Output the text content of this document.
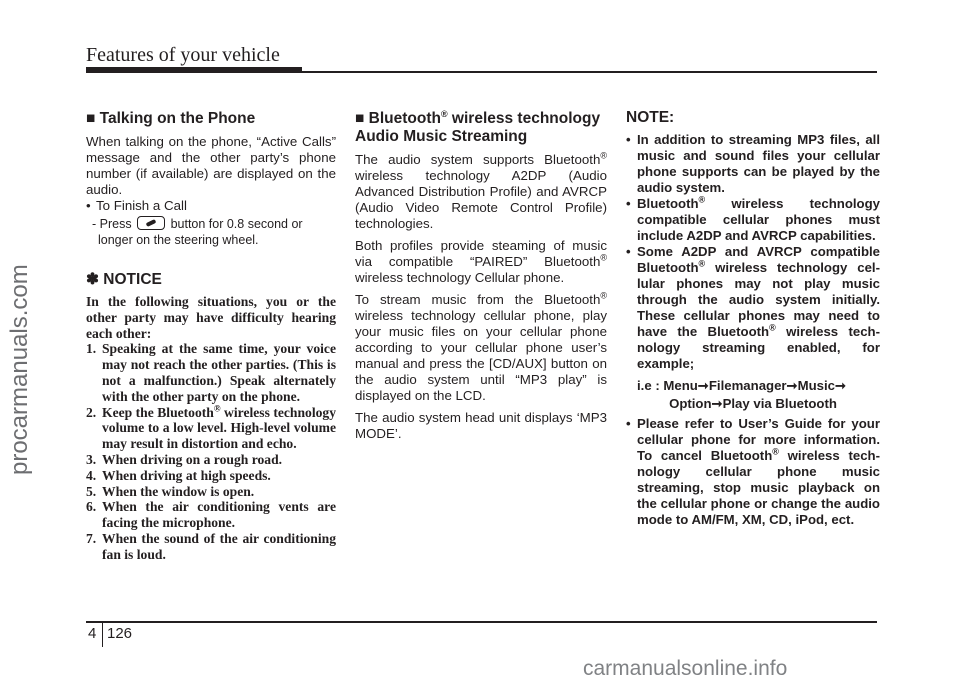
Features of your vehicle
procarmanuals.com
■ Talking on the Phone

When talking on the phone, “Active Calls” message and the other party’s phone number (if available) are displayed on the audio.

• To Finish a Call
- Press	button for 0.8 second or longer on the steering wheel.
✽ NOTICE
In the following situations, you or the other party may have difficulty hearing each other:
1. Speaking at the same time, your voice may not reach the other parties. (This is not a malfunction.) Speak alternately with the other party on the phone.
2. Keep the Bluetooth® wireless technology volume to a low level. High-level volume may result in distortion and echo.
3. When driving on a rough road.
4. When driving at high speeds.
5. When the window is open.
6. When the air conditioning vents are facing the microphone.
7. When the sound of the air conditioning fan is loud.
■ Bluetooth® wireless technology Audio Music Streaming

The audio system supports Bluetooth® wireless technology A2DP (Audio Advanced Distribution Profile) and AVRCP (Audio Video Remote Control Profile) technologies.

Both profiles provide steaming of music via compatible “PAIRED” Bluetooth® wireless technology Cellular phone.

To stream music from the Bluetooth® wireless technology cellular phone, play your music files on your cellular phone according to your cellular phone user’s manual and press the [CD/AUX] button on the audio system until “MP3 play” is displayed on the LCD.

The audio system head unit displays ‘MP3 MODE’.

NOTE:
• In addition to streaming MP3 files, all music and sound files your cellular phone supports can be played by the audio system.
• Bluetooth® wireless technology compatible cellular phones must include A2DP and AVRCP capabilities.
• Some A2DP and AVRCP compatible Bluetooth® wireless technology cellular phones may not play music through the audio system initially. These cellular phones may need to have the Bluetooth® wireless technology streaming enabled, for example;
i.e : Menu➞Filemanager➞Music➞
Option➞Play via Bluetooth
• Please refer to User’s Guide for your cellular phone for more information. To cancel Bluetooth® wireless technology cellular phone music streaming, stop music playback on the cellular phone or change the audio mode to AM/FM, XM, CD, iPod, ect.
4 126
carmanualsonline.info
